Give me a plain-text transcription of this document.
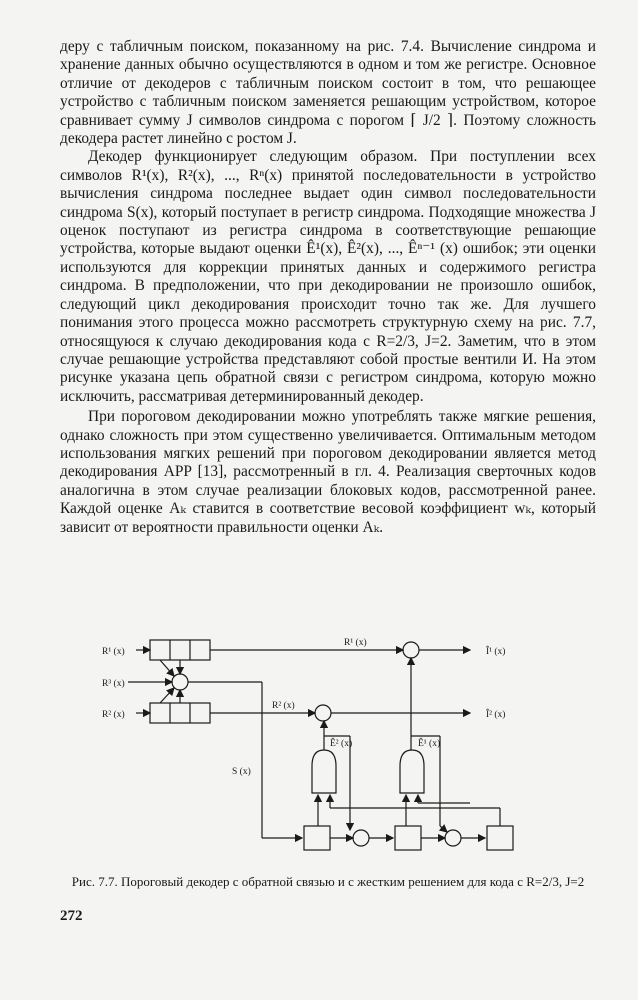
деру с табличным поиском, показанному на рис. 7.4. Вычисление синдрома и хранение данных обычно осуществляются в одном и том же регистре. Основное отличие от декодеров с табличным поиском состоит в том, что решающее устройство с табличным поиском заменяется решающим устройством, которое сравнивает сумму J символов синдрома с порогом ⌈ J/2 ⌉. Поэтому сложность декодера растет линейно с ростом J.

Декодер функционирует следующим образом. При поступлении всех символов R¹(x), R²(x), ..., Rⁿ(x) принятой последовательности в устройство вычисления синдрома последнее выдает один символ последовательности синдрома S(x), который поступает в регистр синдрома. Подходящие множества J оценок поступают из регистра синдрома в соответствующие решающие устройства, которые выдают оценки Ê¹(x), Ê²(x), ..., Êⁿ⁻¹ (x) ошибок; эти оценки используются для коррекции принятых данных и содержимого регистра синдрома. В предположении, что при декодировании не произошло ошибок, следующий цикл декодирования происходит точно так же. Для лучшего понимания этого процесса можно рассмотреть структурную схему на рис. 7.7, относящуюся к случаю декодирования кода с R=2/3, J=2. Заметим, что в этом случае решающие устройства представляют собой простые вентили И. На этом рисунке указана цепь обратной связи с регистром синдрома, которую можно исключить, рассматривая детерминированный декодер.

При пороговом декодировании можно употреблять также мягкие решения, однако сложность при этом существенно увеличивается. Оптимальным методом использования мягких решений при пороговом декодировании является метод декодирования APP [13], рассмотренный в гл. 4. Реализация сверточных кодов аналогична в этом случае реализации блоковых кодов, рассмотренной ранее. Каждой оценке Aₖ ставится в соответствие весовой коэффициент wₖ, который зависит от вероятности правильности оценки Aₖ.

R¹ (x)
R³ (x)
R² (x)
R¹ (x)
R² (x)
S (x)
Ê² (x)	Ê¹ (x)
Î¹ (x)
Î² (x)
Рис. 7.7. Пороговый декодер с обратной связью и с жестким решением для кода с R=2/3, J=2
272
